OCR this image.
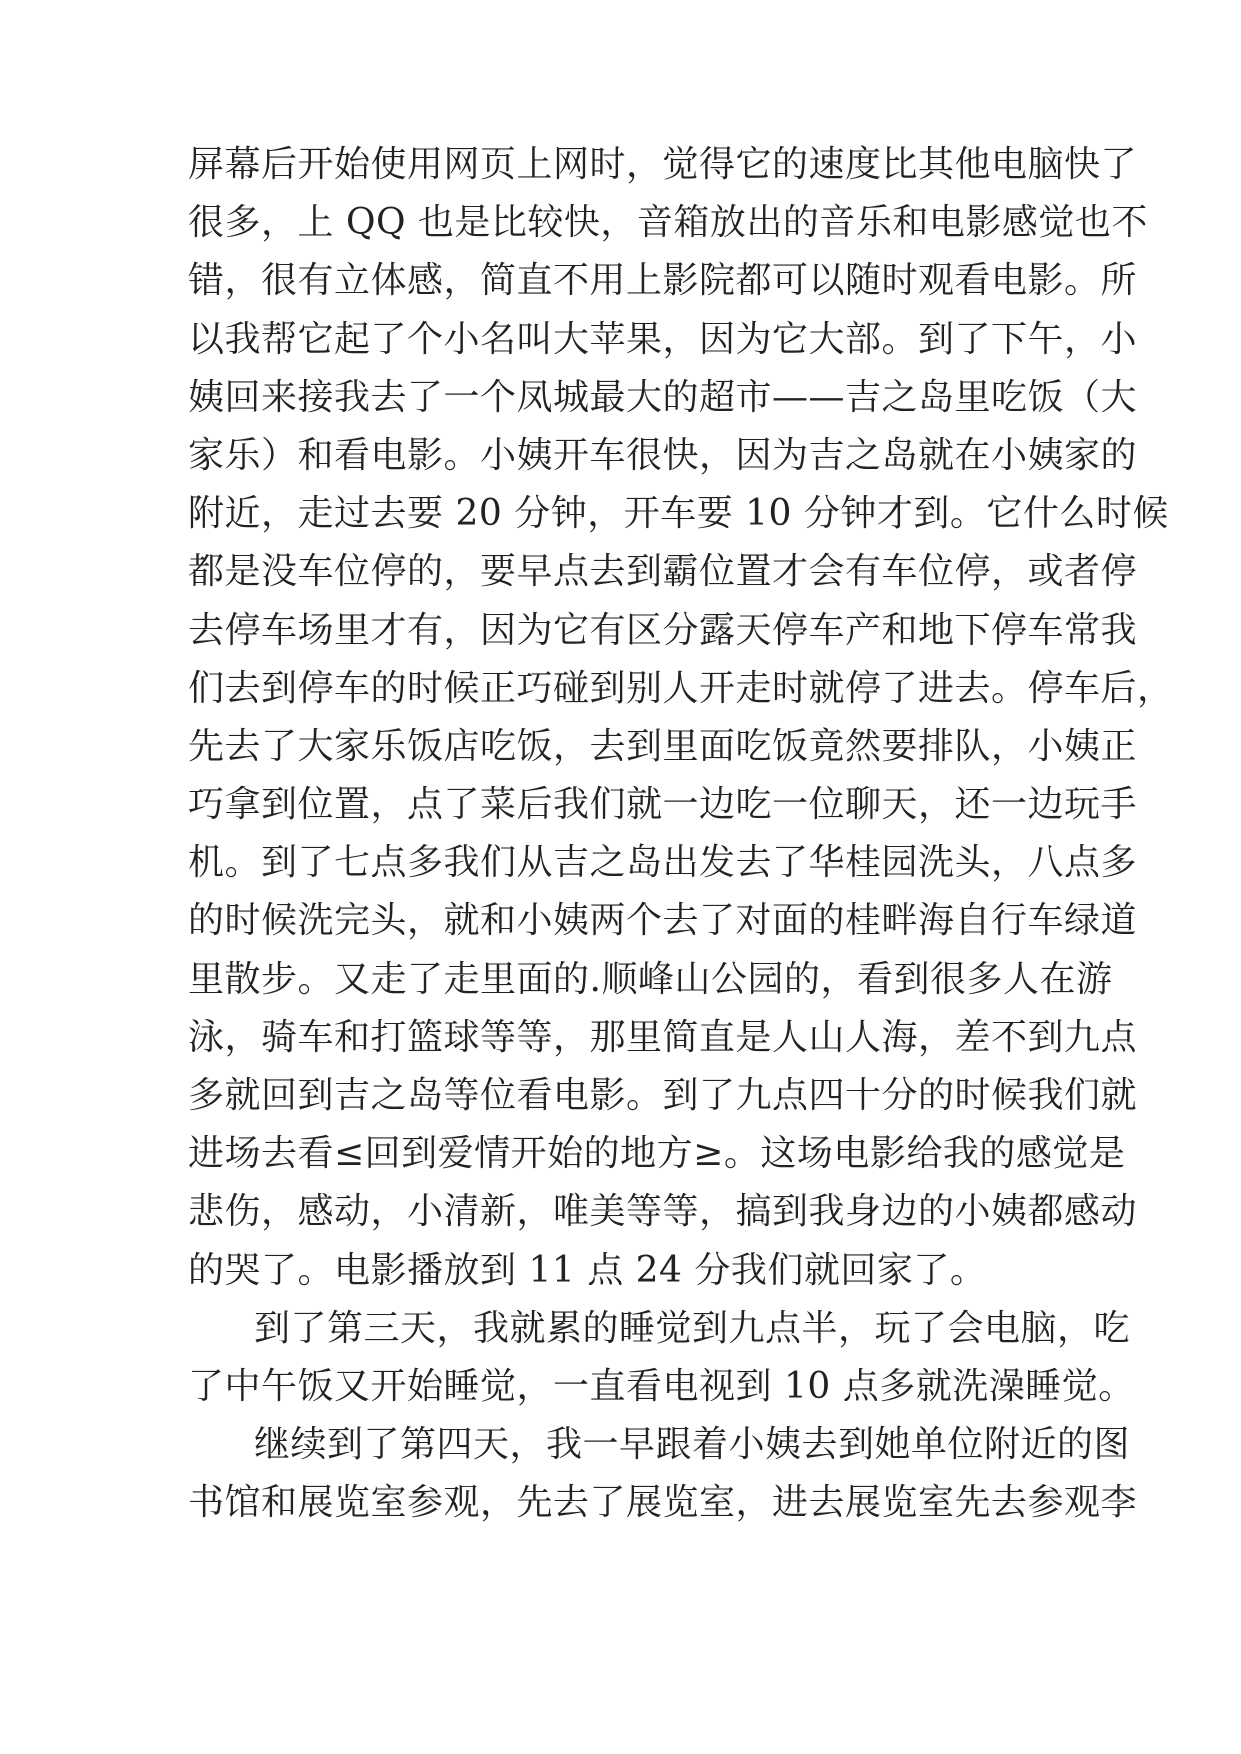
屏幕后开始使用网页上网时，觉得它的速度比其他电脑快了
很多，上 QQ 也是比较快，音箱放出的音乐和电影感觉也不
错，很有立体感，简直不用上影院都可以随时观看电影。所
以我帮它起了个小名叫大苹果，因为它大部。到了下午，小
姨回来接我去了一个凤城最大的超市——吉之岛里吃饭（大
家乐）和看电影。小姨开车很快，因为吉之岛就在小姨家的
附近，走过去要 20 分钟，开车要 10 分钟才到。它什么时候
都是没车位停的，要早点去到霸位置才会有车位停，或者停
去停车场里才有，因为它有区分露天停车产和地下停车常我
们去到停车的时候正巧碰到别人开走时就停了进去。停车后，
先去了大家乐饭店吃饭，去到里面吃饭竟然要排队，小姨正
巧拿到位置，点了菜后我们就一边吃一位聊天，还一边玩手
机。到了七点多我们从吉之岛出发去了华桂园洗头，八点多
的时候洗完头，就和小姨两个去了对面的桂畔海自行车绿道
里散步。又走了走里面的.顺峰山公园的，看到很多人在游
泳，骑车和打篮球等等，那里简直是人山人海，差不到九点
多就回到吉之岛等位看电影。到了九点四十分的时候我们就
进场去看≤回到爱情开始的地方≥。这场电影给我的感觉是
悲伤，感动，小清新，唯美等等，搞到我身边的小姨都感动
的哭了。电影播放到 11 点 24 分我们就回家了。
到了第三天，我就累的睡觉到九点半，玩了会电脑，吃
了中午饭又开始睡觉，一直看电视到 10 点多就洗澡睡觉。
继续到了第四天，我一早跟着小姨去到她单位附近的图
书馆和展览室参观，先去了展览室，进去展览室先去参观李
